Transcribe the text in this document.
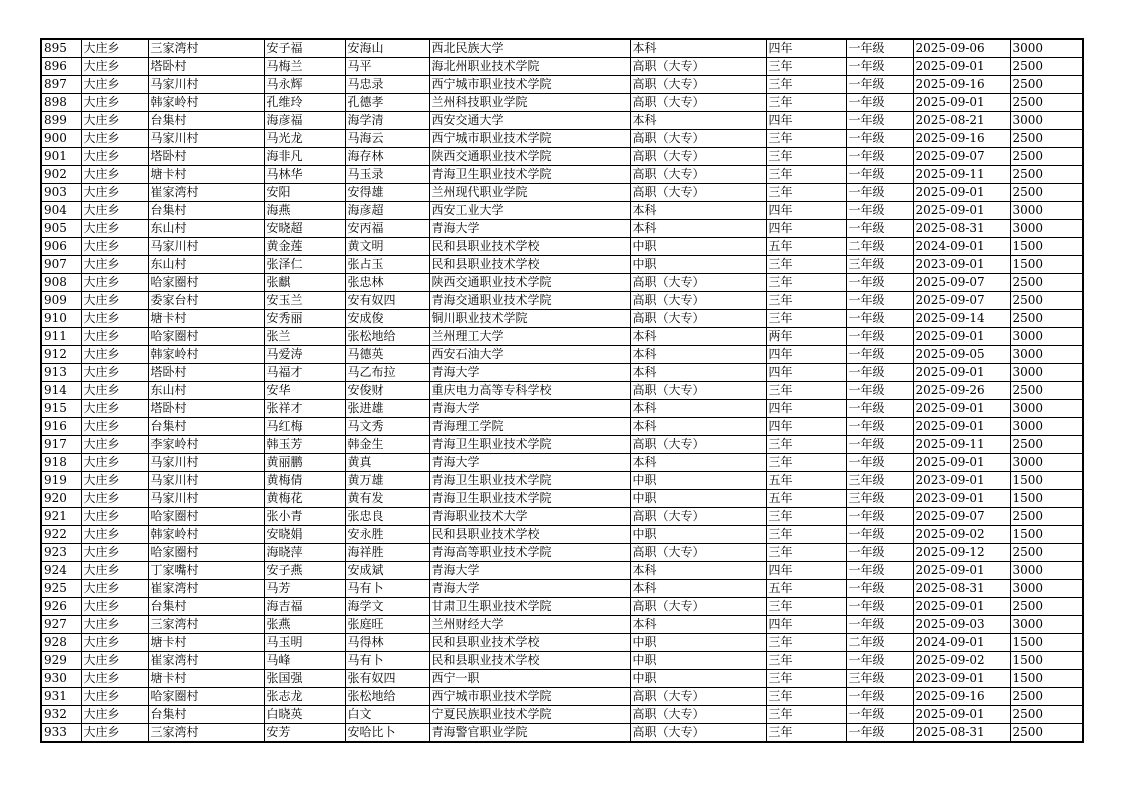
895	大庄乡	三家湾村	安子福	安海山	西北民族大学	本科	四年	一年级	2025-09-06	3000
896	大庄乡	塔卧村	马梅兰	马平	海北州职业技术学院	高职（大专）	三年	一年级	2025-09-01	2500
897	大庄乡	马家川村	马永辉	马忠录	西宁城市职业技术学院	高职（大专）	三年	一年级	2025-09-16	2500
898	大庄乡	韩家岭村	孔维玲	孔德孝	兰州科技职业学院	高职（大专）	三年	一年级	2025-09-01	2500
899	大庄乡	台集村	海彦福	海学清	西安交通大学	本科	四年	一年级	2025-08-21	3000
900	大庄乡	马家川村	马光龙	马海云	西宁城市职业技术学院	高职（大专）	三年	一年级	2025-09-16	2500
901	大庄乡	塔卧村	海非凡	海存林	陕西交通职业技术学院	高职（大专）	三年	一年级	2025-09-07	2500
902	大庄乡	塘卡村	马林华	马玉录	青海卫生职业技术学院	高职（大专）	三年	一年级	2025-09-11	2500
903	大庄乡	崔家湾村	安阳	安得雄	兰州现代职业学院	高职（大专）	三年	一年级	2025-09-01	2500
904	大庄乡	台集村	海燕	海彦超	西安工业大学	本科	四年	一年级	2025-09-01	3000
905	大庄乡	东山村	安晓超	安丙福	青海大学	本科	四年	一年级	2025-08-31	3000
906	大庄乡	马家川村	黄金莲	黄文明	民和县职业技术学校	中职	五年	二年级	2024-09-01	1500
907	大庄乡	东山村	张泽仁	张占玉	民和县职业技术学校	中职	三年	三年级	2023-09-01	1500
908	大庄乡	哈家圈村	张麒	张忠林	陕西交通职业技术学院	高职（大专）	三年	一年级	2025-09-07	2500
909	大庄乡	委家台村	安玉兰	安有奴四	青海交通职业技术学院	高职（大专）	三年	一年级	2025-09-07	2500
910	大庄乡	塘卡村	安秀丽	安成俊	铜川职业技术学院	高职（大专）	三年	一年级	2025-09-14	2500
911	大庄乡	哈家圈村	张兰	张松地给	兰州理工大学	本科	两年	一年级	2025-09-01	3000
912	大庄乡	韩家岭村	马爱涛	马德英	西安石油大学	本科	四年	一年级	2025-09-05	3000
913	大庄乡	塔卧村	马福才	马乙布拉	青海大学	本科	四年	一年级	2025-09-01	3000
914	大庄乡	东山村	安华	安俊财	重庆电力高等专科学校	高职（大专）	三年	一年级	2025-09-26	2500
915	大庄乡	塔卧村	张祥才	张进雄	青海大学	本科	四年	一年级	2025-09-01	3000
916	大庄乡	台集村	马红梅	马文秀	青海理工学院	本科	四年	一年级	2025-09-01	3000
917	大庄乡	李家岭村	韩玉芳	韩金生	青海卫生职业技术学院	高职（大专）	三年	一年级	2025-09-11	2500
918	大庄乡	马家川村	黄丽鹏	黄真	青海大学	本科	三年	一年级	2025-09-01	3000
919	大庄乡	马家川村	黄梅倩	黄万雄	青海卫生职业技术学院	中职	五年	三年级	2023-09-01	1500
920	大庄乡	马家川村	黄梅花	黄有发	青海卫生职业技术学院	中职	五年	三年级	2023-09-01	1500
921	大庄乡	哈家圈村	张小青	张忠良	青海职业技术大学	高职（大专）	三年	一年级	2025-09-07	2500
922	大庄乡	韩家岭村	安晓娟	安永胜	民和县职业技术学校	中职	三年	一年级	2025-09-02	1500
923	大庄乡	哈家圈村	海晓萍	海祥胜	青海高等职业技术学院	高职（大专）	三年	一年级	2025-09-12	2500
924	大庄乡	丁家嘴村	安子燕	安成斌	青海大学	本科	四年	一年级	2025-09-01	3000
925	大庄乡	崔家湾村	马芳	马有卜	青海大学	本科	五年	一年级	2025-08-31	3000
926	大庄乡	台集村	海吉福	海学文	甘肃卫生职业技术学院	高职（大专）	三年	一年级	2025-09-01	2500
927	大庄乡	三家湾村	张燕	张庭旺	兰州财经大学	本科	四年	一年级	2025-09-03	3000
928	大庄乡	塘卡村	马玉明	马得林	民和县职业技术学校	中职	三年	二年级	2024-09-01	1500
929	大庄乡	崔家湾村	马峰	马有卜	民和县职业技术学校	中职	三年	一年级	2025-09-02	1500
930	大庄乡	塘卡村	张国强	张有奴四	西宁一职	中职	三年	三年级	2023-09-01	1500
931	大庄乡	哈家圈村	张志龙	张松地给	西宁城市职业技术学院	高职（大专）	三年	一年级	2025-09-16	2500
932	大庄乡	台集村	白晓英	白文	宁夏民族职业技术学院	高职（大专）	三年	一年级	2025-09-01	2500
933	大庄乡	三家湾村	安芳	安哈比卜	青海警官职业学院	高职（大专）	三年	一年级	2025-08-31	2500
